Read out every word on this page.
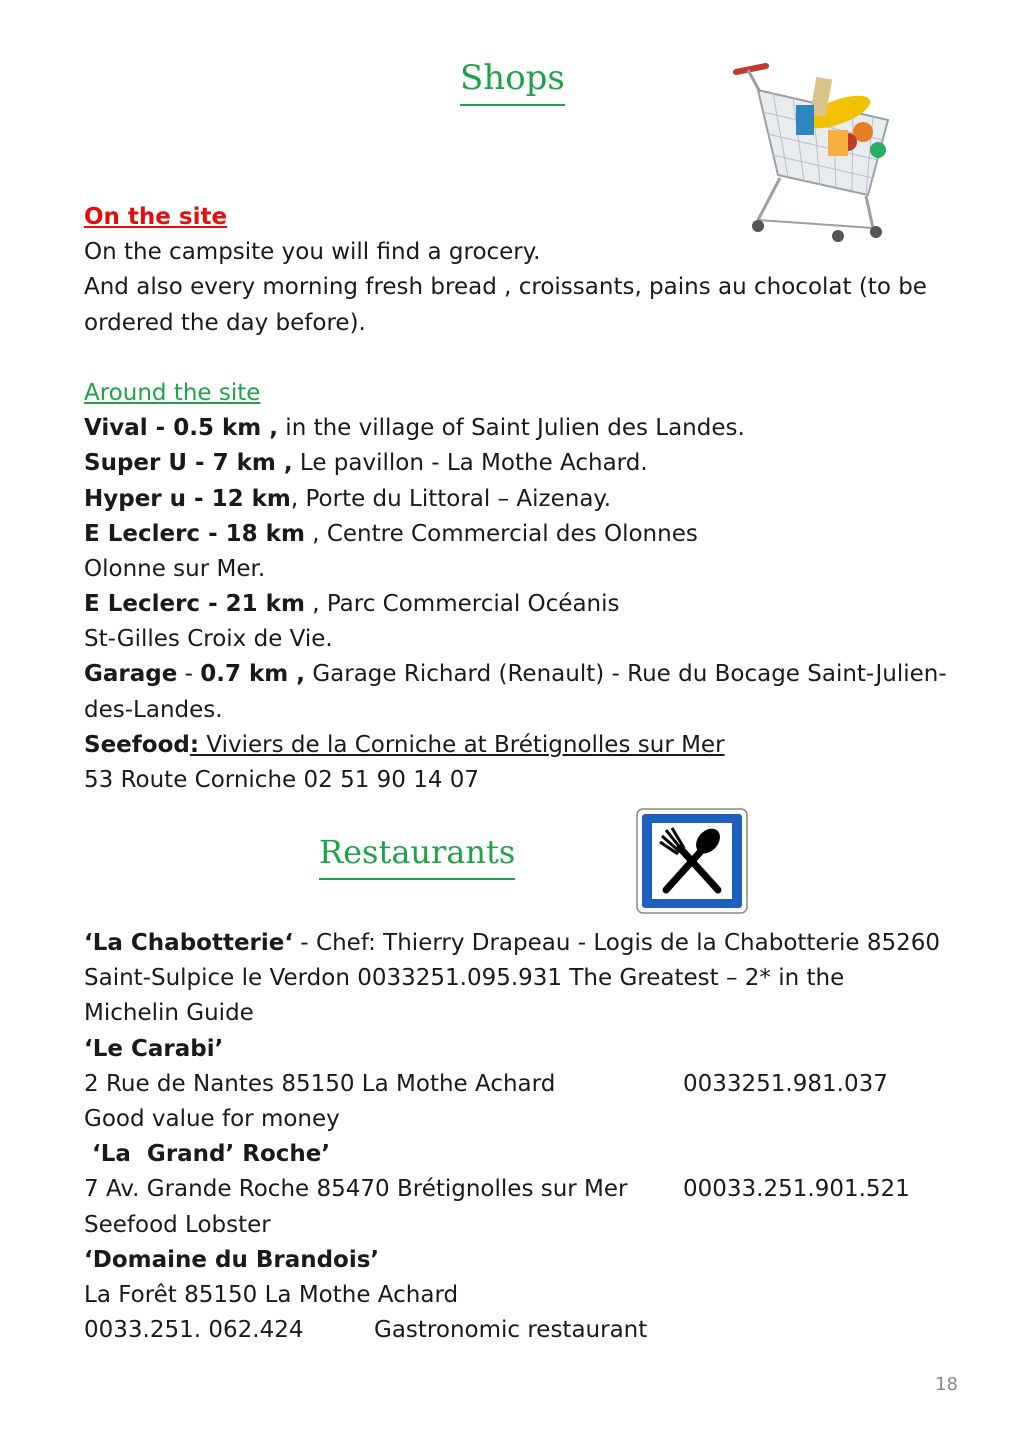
Shops
On the site
On the campsite you will find a grocery.
And also every morning fresh bread , croissants, pains au chocolat (to be
ordered the day before).
Around the site
Vival - 0.5 km , in the village of Saint Julien des Landes.
Super U - 7 km , Le pavillon - La Mothe Achard.
Hyper u - 12 km, Porte du Littoral – Aizenay.
E Leclerc - 18 km , Centre Commercial des Olonnes
Olonne sur Mer.
E Leclerc - 21 km , Parc Commercial Océanis
St-Gilles Croix de Vie.
Garage - 0.7 km , Garage Richard (Renault) - Rue du Bocage Saint-Julien-
des-Landes.
Seefood: Viviers de la Corniche at Brétignolles sur Mer
53 Route Corniche 02 51 90 14 07
Restaurants
‘La Chabotterie‘ - Chef: Thierry Drapeau - Logis de la Chabotterie 85260
Saint-Sulpice le Verdon 0033251.095.931 The Greatest – 2* in the
Michelin Guide
‘Le Carabi’
2 Rue de Nantes 85150 La Mothe Achard	0033251.981.037
Good value for money
‘La  Grand’ Roche’
7 Av. Grande Roche 85470 Brétignolles sur Mer 00033.251.901.521
Seefood Lobster
‘Domaine du Brandois’
La Forêt 85150 La Mothe Achard
0033.251. 062.424	Gastronomic restaurant
18
